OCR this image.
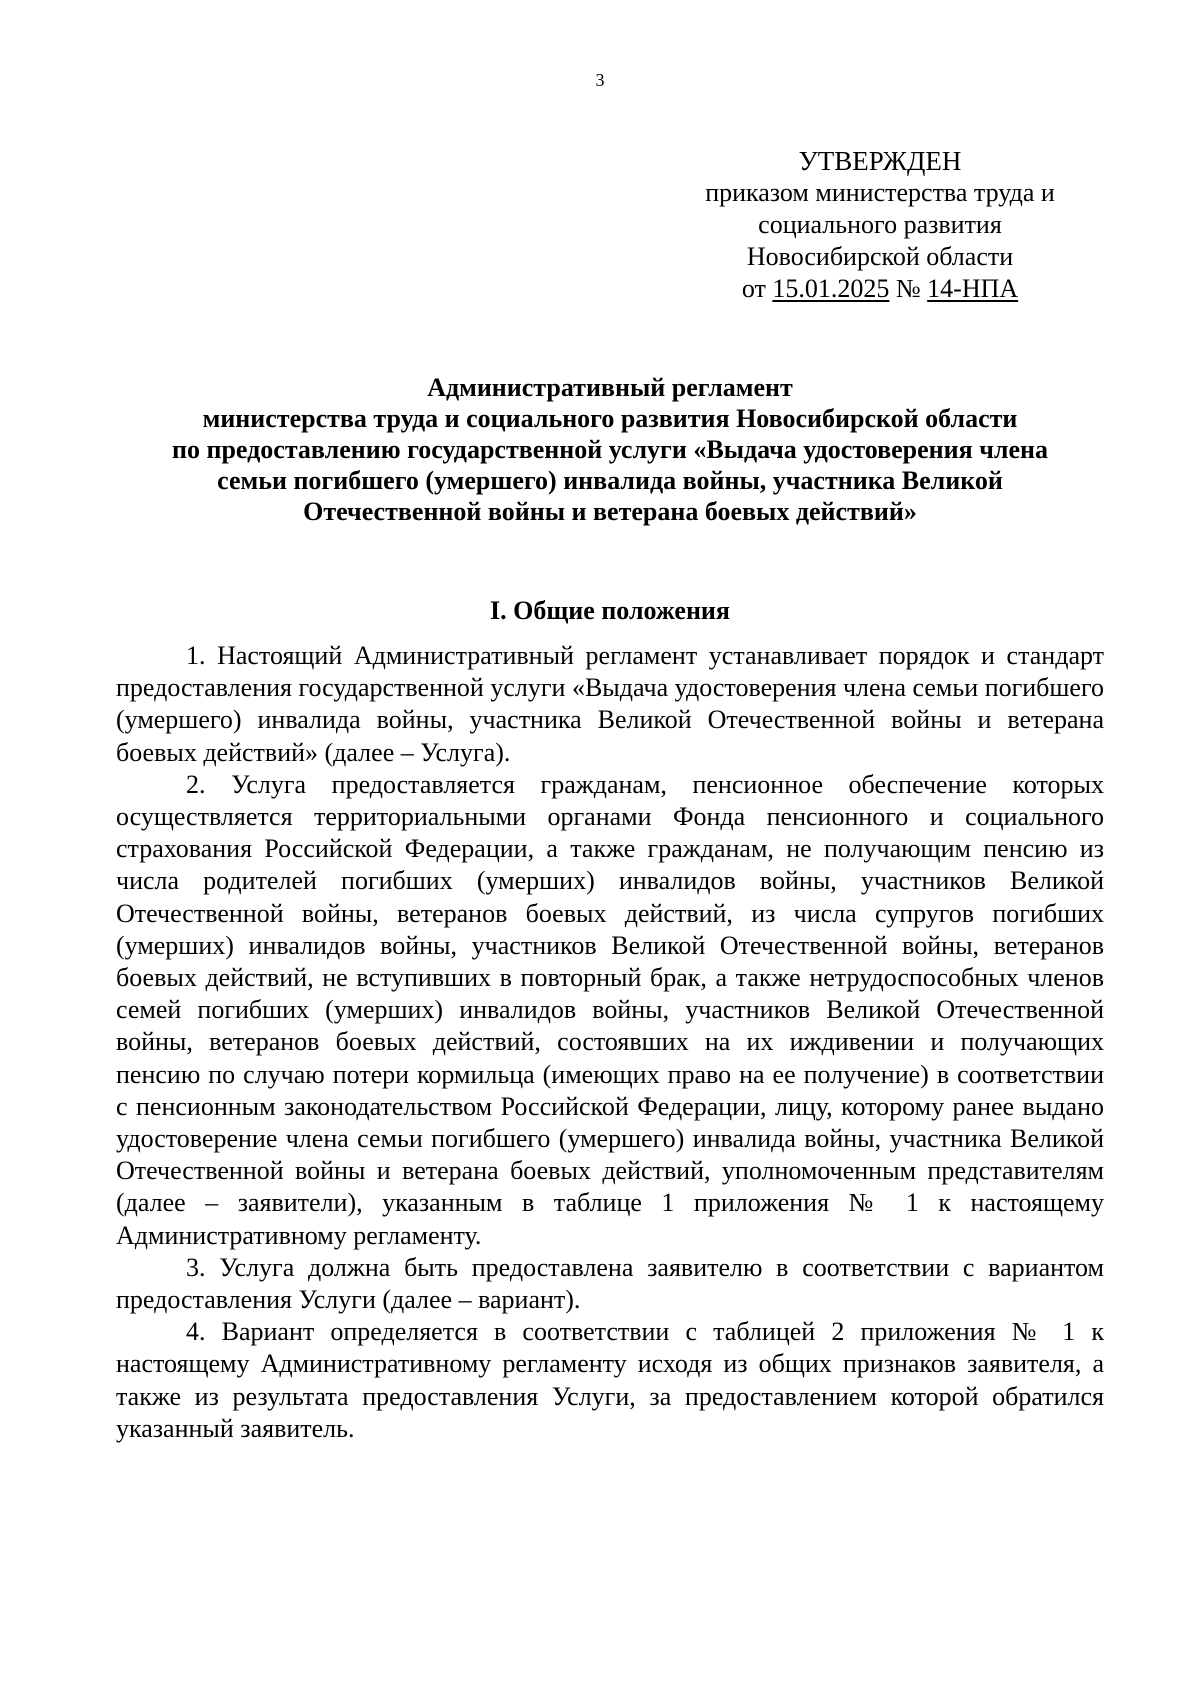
3
УТВЕРЖДЕН
приказом министерства труда и
социального развития
Новосибирской области
от 15.01.2025 № 14-НПА
Административный регламент
министерства труда и социального развития Новосибирской области
по предоставлению государственной услуги «Выдача удостоверения члена
семьи погибшего (умершего) инвалида войны, участника Великой
Отечественной войны и ветерана боевых действий»
I. Общие положения

1. Настоящий Административный регламент устанавливает порядок и стандарт предоставления государственной услуги «Выдача удостоверения члена семьи погибшего (умершего) инвалида войны, участника Великой Отечественной войны и ветерана боевых действий» (далее – Услуга).

2. Услуга предоставляется гражданам, пенсионное обеспечение которых осуществляется территориальными органами Фонда пенсионного и социального страхования Российской Федерации, а также гражданам, не получающим пенсию из числа родителей погибших (умерших) инвалидов войны, участников Великой Отечественной войны, ветеранов боевых действий, из числа супругов погибших (умерших) инвалидов войны, участников Великой Отечественной войны, ветеранов боевых действий, не вступивших в повторный брак, а также нетрудоспособных членов семей погибших (умерших) инвалидов войны, участников Великой Отечественной войны, ветеранов боевых действий, состоявших на их иждивении и получающих пенсию по случаю потери кормильца (имеющих право на ее получение) в соответствии с пенсионным законодательством Российской Федерации, лицу, которому ранее выдано удостоверение члена семьи погибшего (умершего) инвалида войны, участника Великой Отечественной войны и ветерана боевых действий, уполномоченным представителям (далее – заявители), указанным в таблице 1 приложения № 1 к настоящему Административному регламенту.

3. Услуга должна быть предоставлена заявителю в соответствии с вариантом предоставления Услуги (далее – вариант).

4. Вариант определяется в соответствии с таблицей 2 приложения № 1 к настоящему Административному регламенту исходя из общих признаков заявителя, а также из результата предоставления Услуги, за предоставлением которой обратился указанный заявитель.
